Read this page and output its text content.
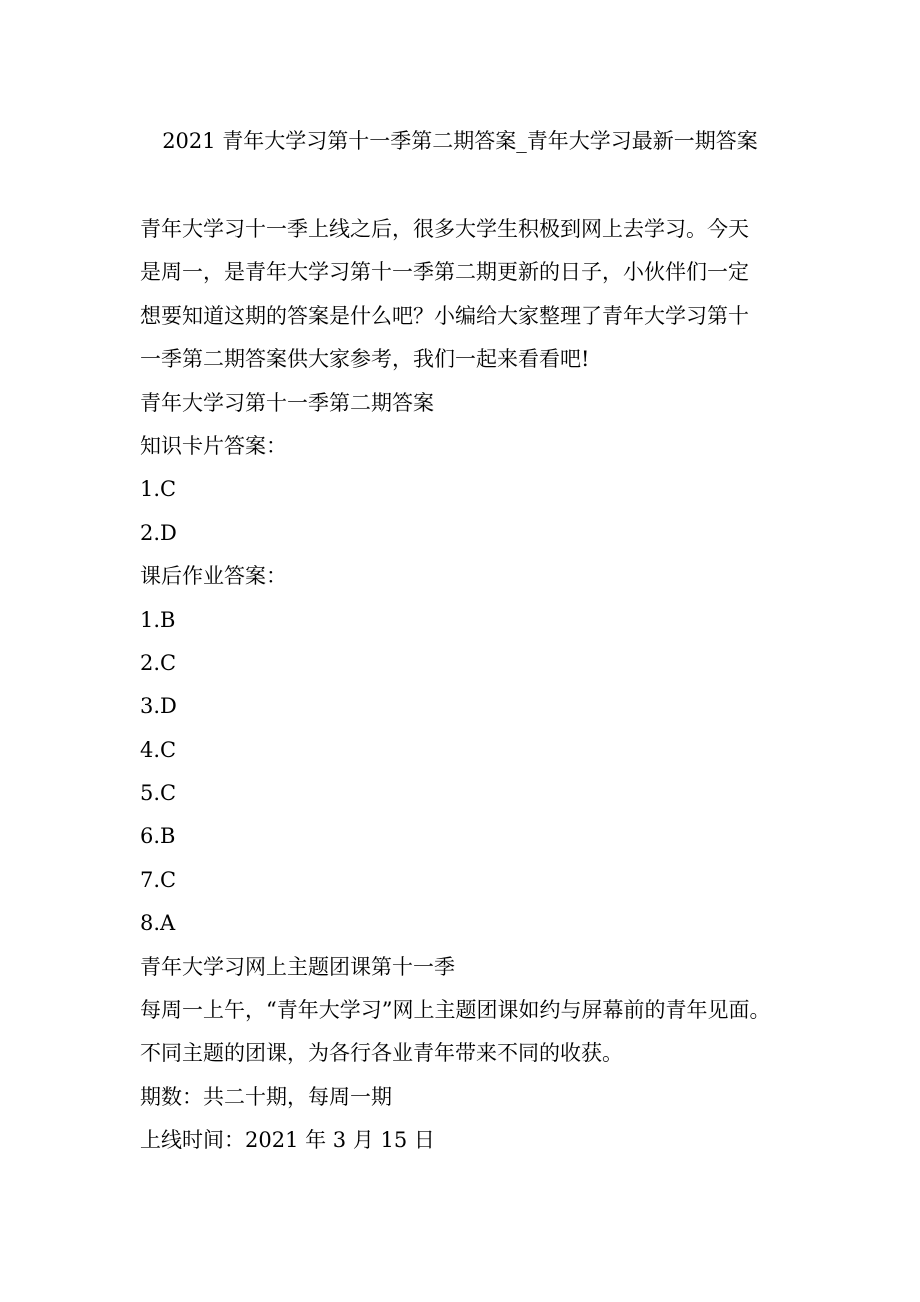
2021 青年大学习第十一季第二期答案_青年大学习最新一期答案
青年大学习十一季上线之后，很多大学生积极到网上去学习。今天
是周一，是青年大学习第十一季第二期更新的日子，小伙伴们一定
想要知道这期的答案是什么吧？小编给大家整理了青年大学习第十
一季第二期答案供大家参考，我们一起来看看吧!
青年大学习第十一季第二期答案
知识卡片答案：
1.C
2.D
课后作业答案：
1.B
2.C
3.D
4.C
5.C
6.B
7.C
8.A
青年大学习网上主题团课第十一季
每周一上午，“青年大学习”网上主题团课如约与屏幕前的青年见面。
不同主题的团课，为各行各业青年带来不同的收获。
期数：共二十期，每周一期
上线时间：2021 年 3 月 15 日
